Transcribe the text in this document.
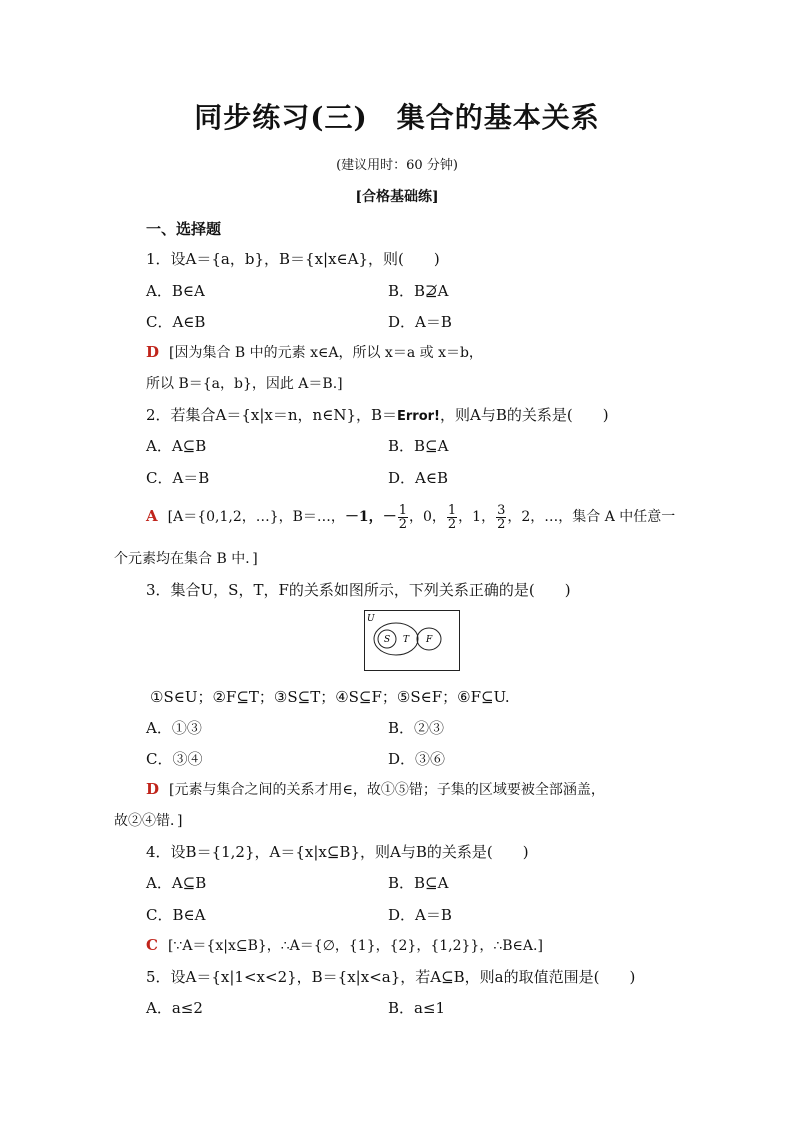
同步练习(三)　集合的基本关系
(建议用时：60 分钟)
[合格基础练]
一、选择题
1．设A＝{a，b}，B＝{x|x∈A}，则(　　)
A．B∈A	B．B⊉A
C．A∈B	D．A＝B
D [因为集合 B 中的元素 x∈A，所以 x＝a 或 x＝b，
所以 B＝{a，b}，因此 A＝B.]
2．若集合A＝{x|x＝n，n∈N}，B＝Error!，则A与B的关系是(　　)
A．A⊆B	B．B⊆A
C．A＝B	D．A∈B
A [A＝{0,1,2，…}，B＝…，－1，－ $\frac{1}{2}$ ，0， $\frac{1}{2}$ ，1， $\frac{3}{2}$ ，2，…，集合 A 中任意一
个元素均在集合 B 中．]
3．集合U，S，T，F的关系如图所示，下列关系正确的是(　　)
U
S T F
①S∈U；②F⊆T；③S⊆T；④S⊆F；⑤S∈F；⑥F⊆U.
A．①③	B．②③
C．③④	D．③⑥
D [元素与集合之间的关系才用∈，故①⑤错；子集的区域要被全部涵盖，
故②④错．]
4．设B＝{1,2}，A＝{x|x⊆B}，则A与B的关系是(　　)
A．A⊆B	B．B⊆A
C．B∈A	D．A＝B
C [∵A＝{x|x⊆B}，∴A＝{∅，{1}，{2}，{1,2}}，∴B∈A.]
5．设A＝{x|1<x<2}，B＝{x|x<a}，若A⊆B，则a的取值范围是(　　)
A．a≤2	B．a≤1
